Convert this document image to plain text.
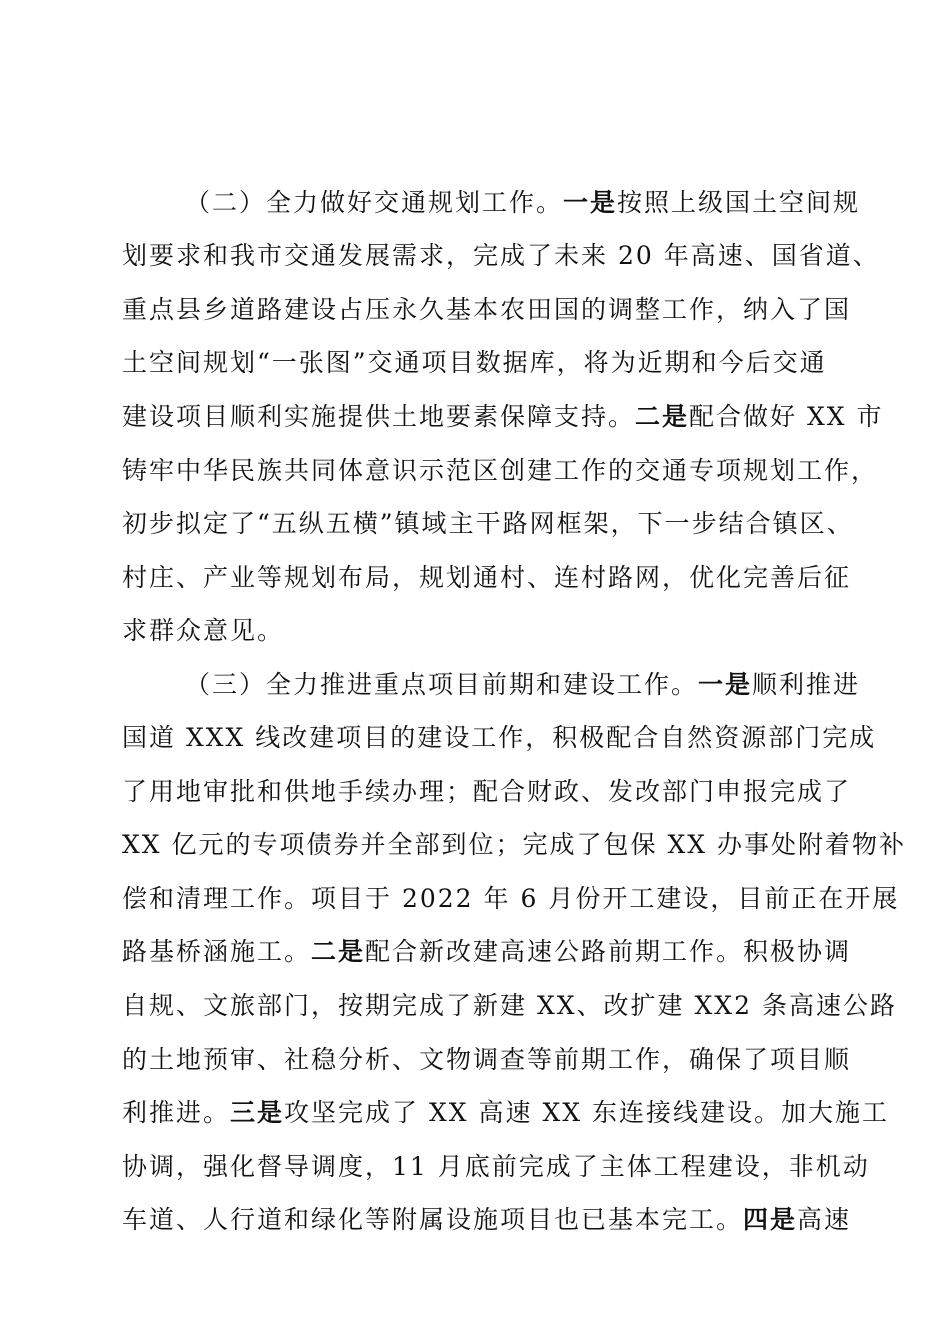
（二）全力做好交通规划工作。一是按照上级国土空间规
划要求和我市交通发展需求，完成了未来 20 年高速、国省道、
重点县乡道路建设占压永久基本农田国的调整工作，纳入了国
土空间规划“一张图”交通项目数据库，将为近期和今后交通
建设项目顺利实施提供土地要素保障支持。二是配合做好 XX 市
铸牢中华民族共同体意识示范区创建工作的交通专项规划工作，
初步拟定了“五纵五横”镇域主干路网框架，下一步结合镇区、
村庄、产业等规划布局，规划通村、连村路网，优化完善后征
求群众意见。
（三）全力推进重点项目前期和建设工作。一是顺利推进
国道 XXX 线改建项目的建设工作，积极配合自然资源部门完成
了用地审批和供地手续办理；配合财政、发改部门申报完成了
XX 亿元的专项债券并全部到位；完成了包保 XX 办事处附着物补
偿和清理工作。项目于 2022 年 6 月份开工建设，目前正在开展
路基桥涵施工。二是配合新改建高速公路前期工作。积极协调
自规、文旅部门，按期完成了新建 XX、改扩建 XX2 条高速公路
的土地预审、社稳分析、文物调查等前期工作，确保了项目顺
利推进。三是攻坚完成了 XX 高速 XX 东连接线建设。加大施工
协调，强化督导调度，11 月底前完成了主体工程建设，非机动
车道、人行道和绿化等附属设施项目也已基本完工。四是高速
